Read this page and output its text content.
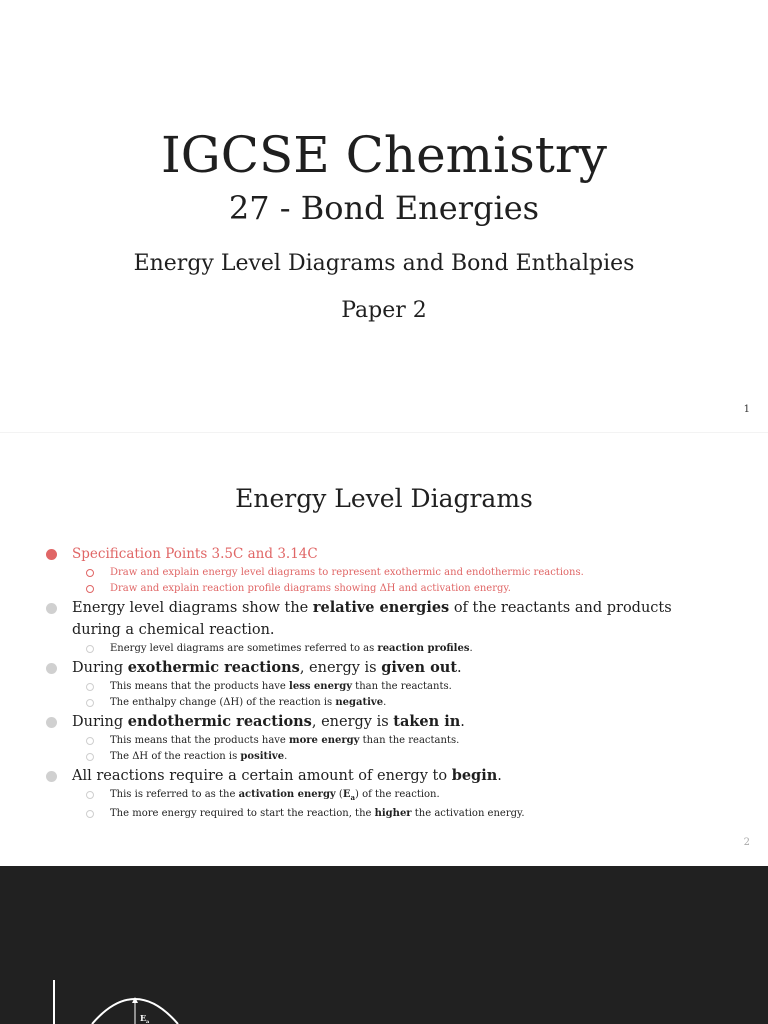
IGCSE Chemistry
27 - Bond Energies
Energy Level Diagrams and Bond Enthalpies
Paper 2
1
Energy Level Diagrams
Specification Points 3.5C and 3.14C
Draw and explain energy level diagrams to represent exothermic and endothermic reactions.
Draw and explain reaction profile diagrams showing ΔH and activation energy.
Energy level diagrams show the relative energies of the reactants and products during a chemical reaction.
Energy level diagrams are sometimes referred to as reaction profiles.
During exothermic reactions, energy is given out.
This means that the products have less energy than the reactants.
The enthalpy change (ΔH) of the reaction is negative.
During endothermic reactions, energy is taken in.
This means that the products have more energy than the reactants.
The ΔH of the reaction is positive.
All reactions require a certain amount of energy to begin.
This is referred to as the activation energy $(E_a)$ of the reaction.
The more energy required to start the reaction, the higher the activation energy.
2
E a
